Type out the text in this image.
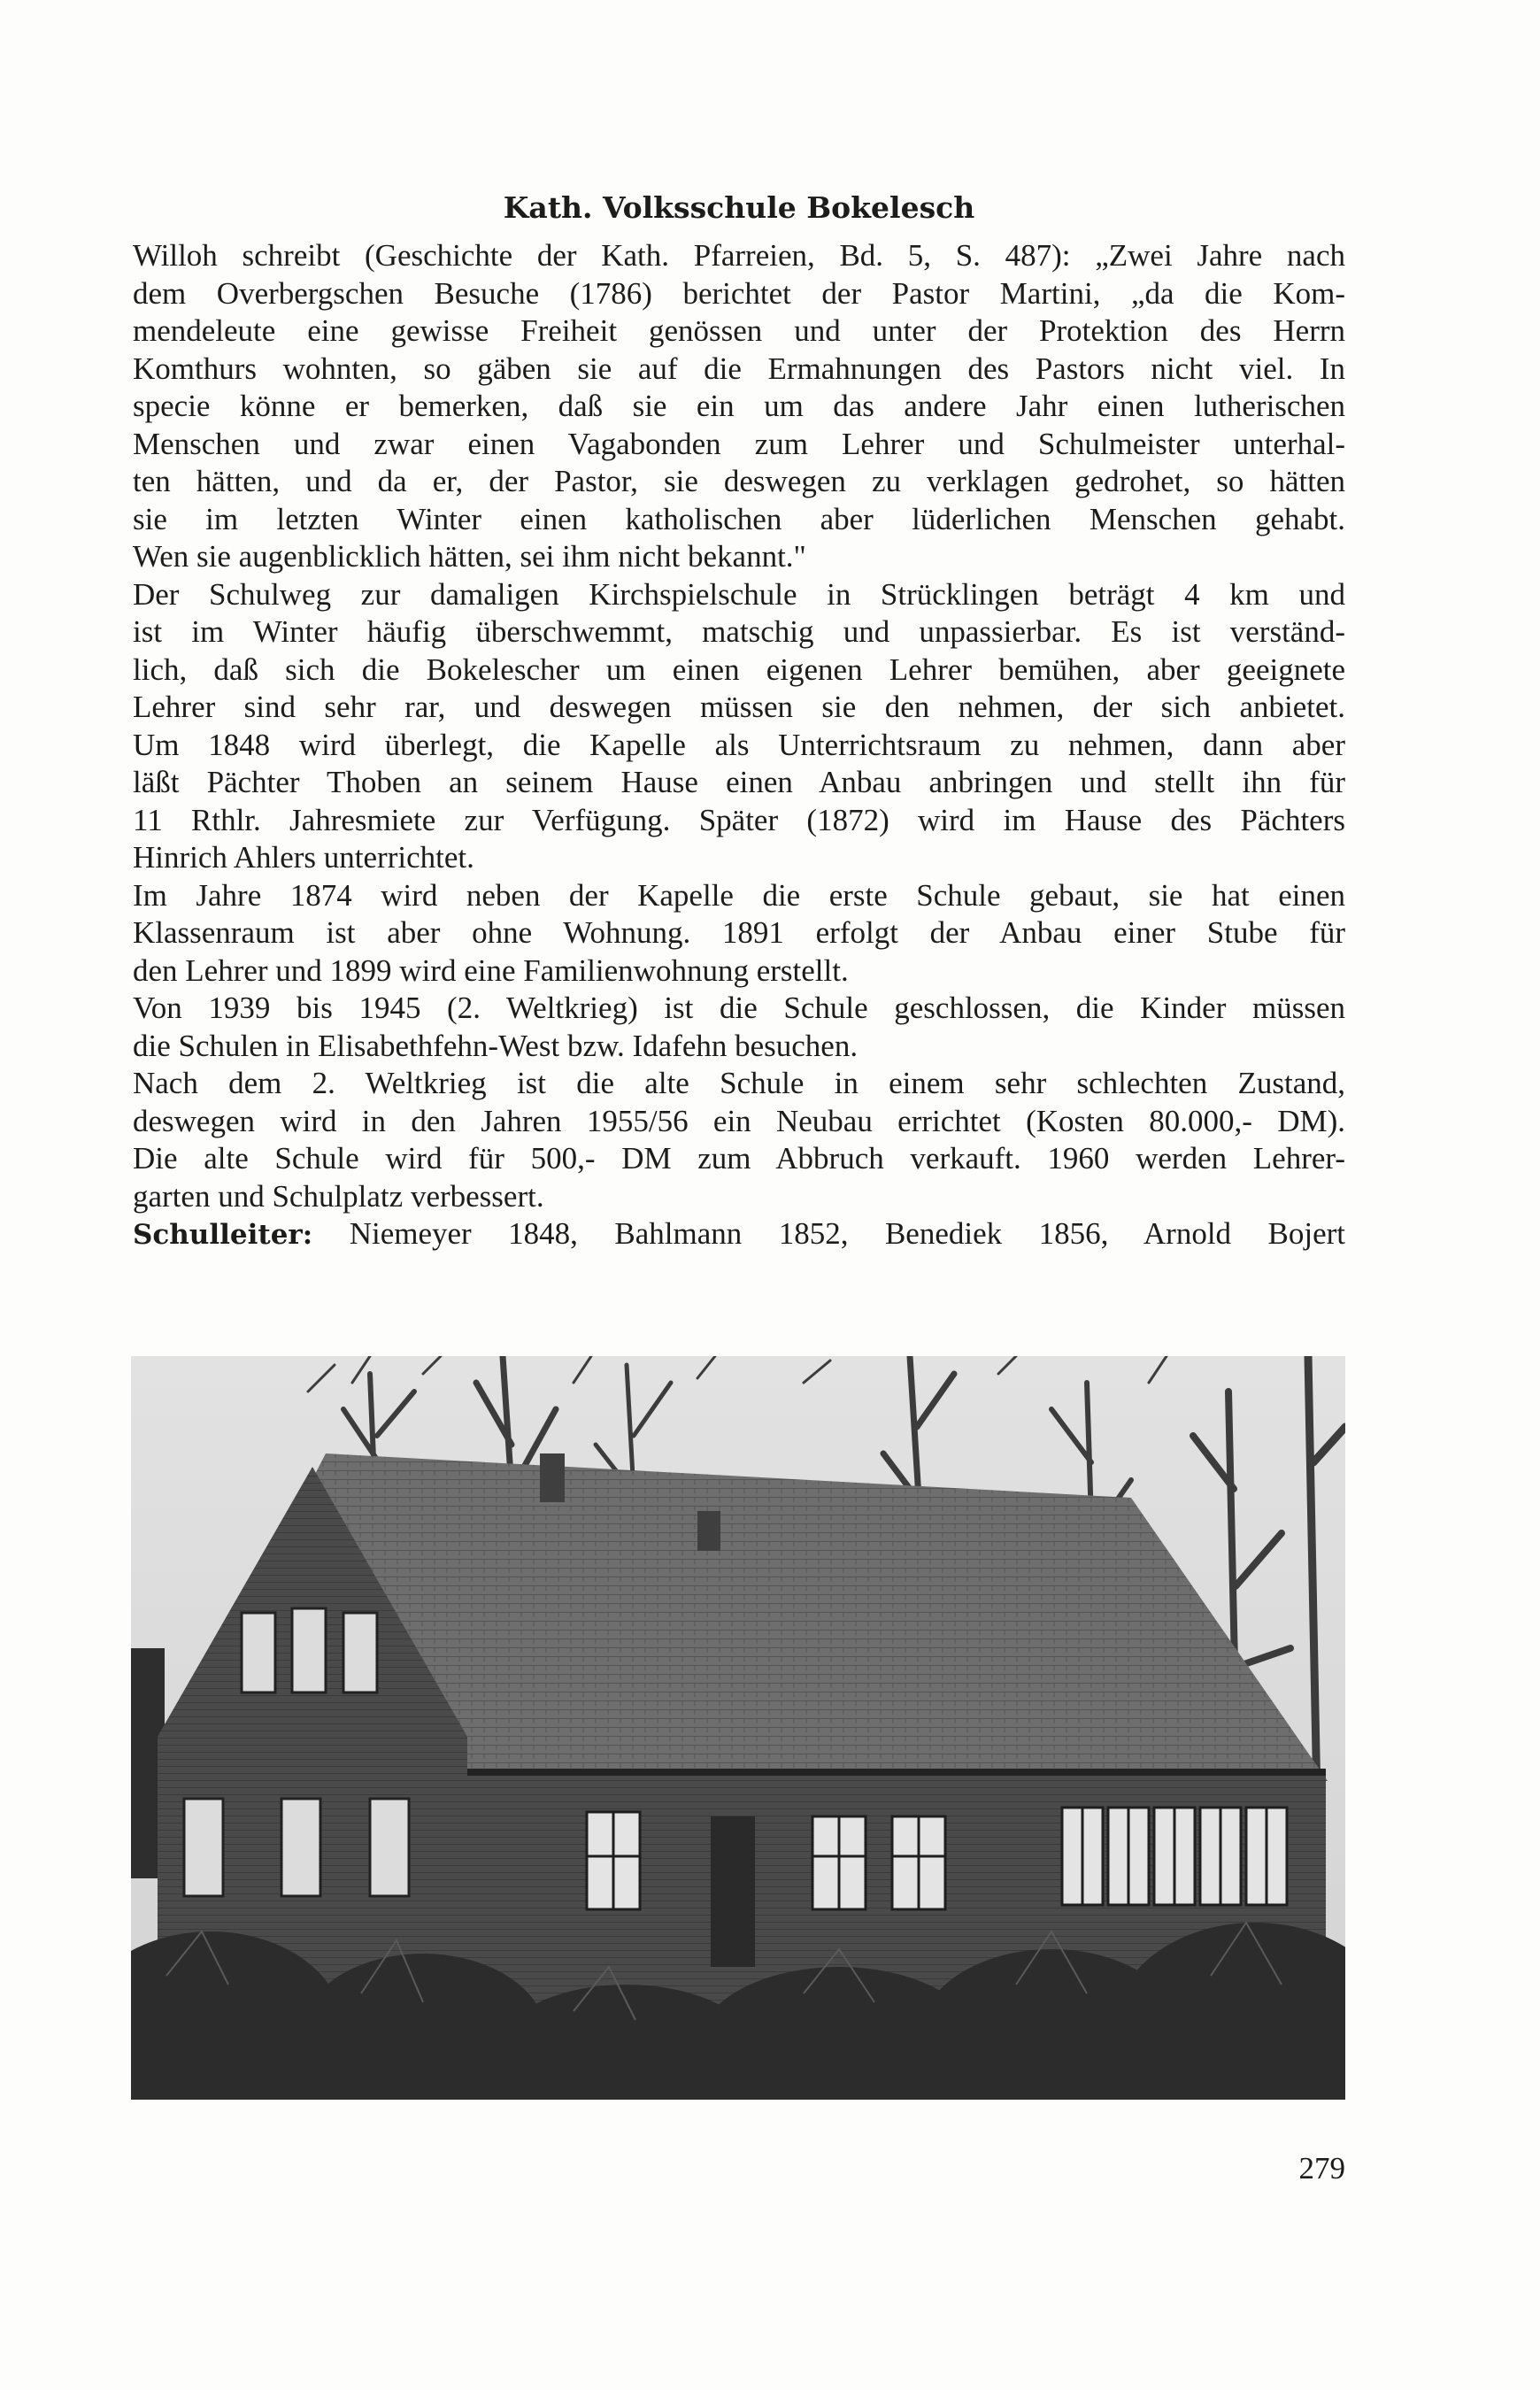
Kath. Volksschule Bokelesch
Willoh schreibt (Geschichte der Kath. Pfarreien, Bd. 5, S. 487): „Zwei Jahre nach
dem Overbergschen Besuche (1786) berichtet der Pastor Martini, „da die Kom-
mendeleute eine gewisse Freiheit genössen und unter der Protektion des Herrn
Komthurs wohnten, so gäben sie auf die Ermahnungen des Pastors nicht viel. In
specie könne er bemerken, daß sie ein um das andere Jahr einen lutherischen
Menschen und zwar einen Vagabonden zum Lehrer und Schulmeister unterhal-
ten hätten, und da er, der Pastor, sie deswegen zu verklagen gedrohet, so hätten
sie im letzten Winter einen katholischen aber lüderlichen Menschen gehabt.
Wen sie augenblicklich hätten, sei ihm nicht bekannt."
Der Schulweg zur damaligen Kirchspielschule in Strücklingen beträgt 4 km und
ist im Winter häufig überschwemmt, matschig und unpassierbar. Es ist verständ-
lich, daß sich die Bokelescher um einen eigenen Lehrer bemühen, aber geeignete
Lehrer sind sehr rar, und deswegen müssen sie den nehmen, der sich anbietet.
Um 1848 wird überlegt, die Kapelle als Unterrichtsraum zu nehmen, dann aber
läßt Pächter Thoben an seinem Hause einen Anbau anbringen und stellt ihn für
11 Rthlr. Jahresmiete zur Verfügung. Später (1872) wird im Hause des Pächters
Hinrich Ahlers unterrichtet.
Im Jahre 1874 wird neben der Kapelle die erste Schule gebaut, sie hat einen
Klassenraum ist aber ohne Wohnung. 1891 erfolgt der Anbau einer Stube für
den Lehrer und 1899 wird eine Familienwohnung erstellt.
Von 1939 bis 1945 (2. Weltkrieg) ist die Schule geschlossen, die Kinder müssen
die Schulen in Elisabethfehn-West bzw. Idafehn besuchen.
Nach dem 2. Weltkrieg ist die alte Schule in einem sehr schlechten Zustand,
deswegen wird in den Jahren 1955/56 ein Neubau errichtet (Kosten 80.000,- DM).
Die alte Schule wird für 500,- DM zum Abbruch verkauft. 1960 werden Lehrer-
garten und Schulplatz verbessert.
Schulleiter: Niemeyer 1848, Bahlmann 1852, Benediek 1856, Arnold Bojert
279
